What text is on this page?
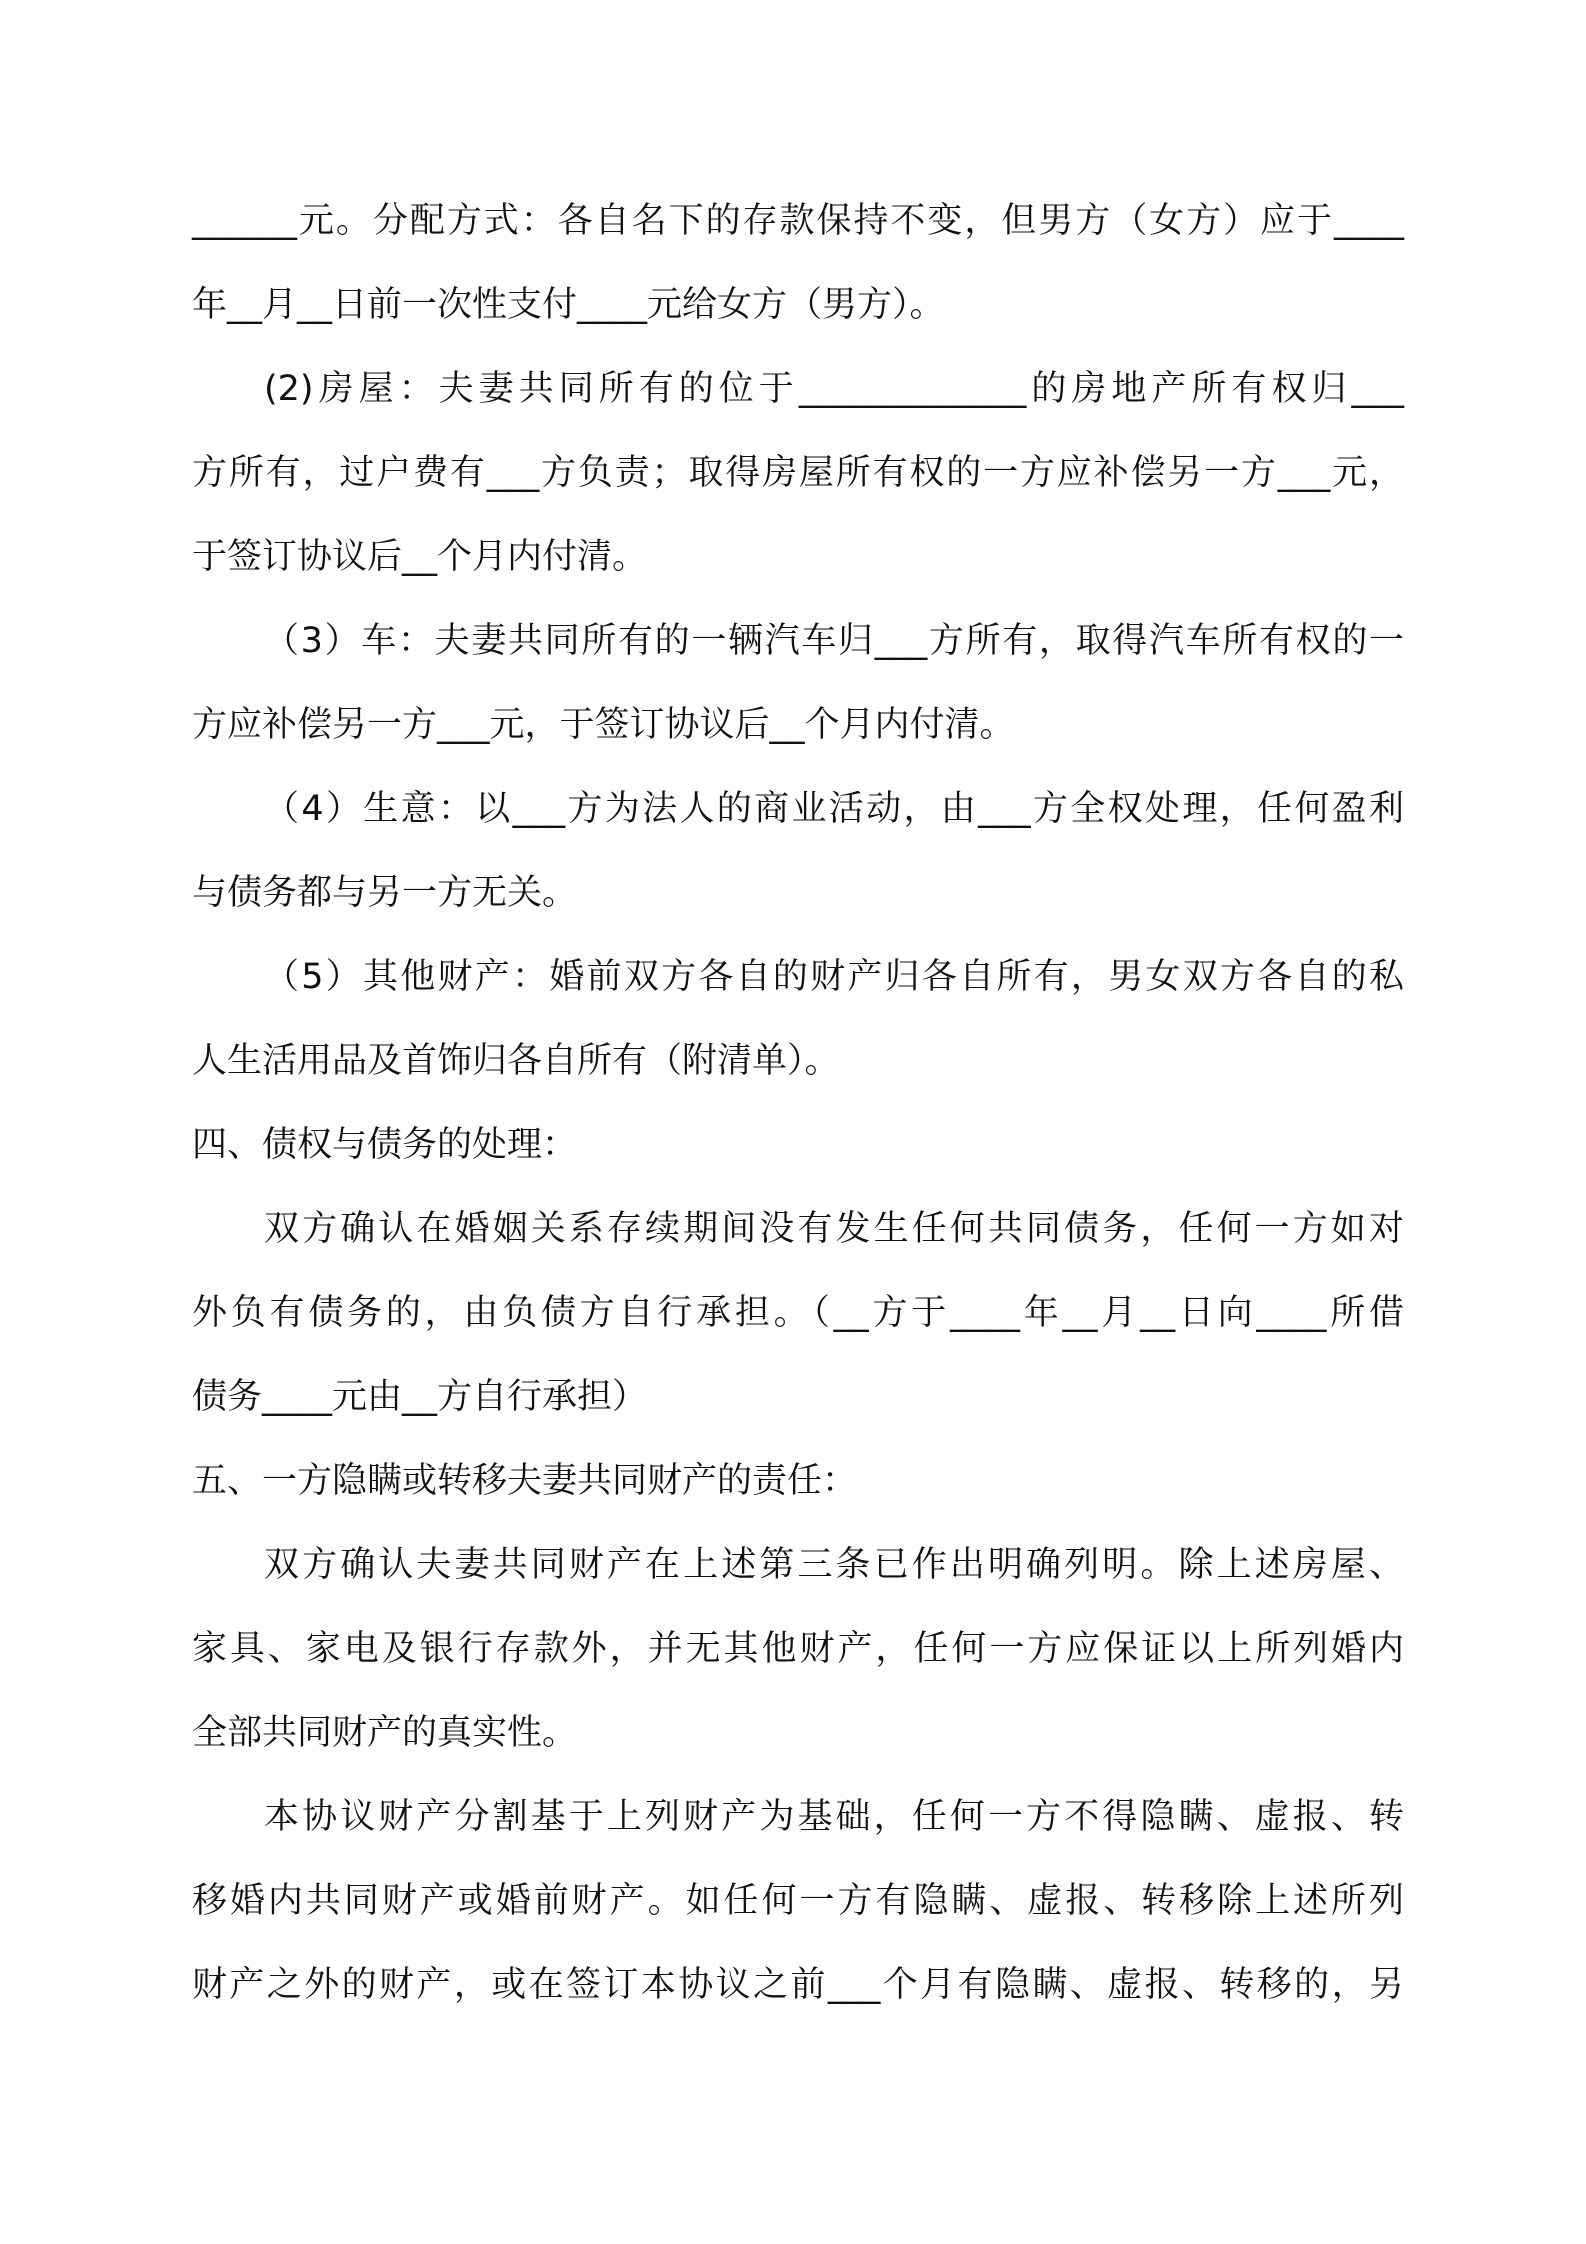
______元。分配方式：各自名下的存款保持不变，但男方（女方）应于____
年__月__日前一次性支付____元给女方（男方）。
(2)房屋：夫妻共同所有的位于_____________的房地产所有权归___
方所有，过户费有___方负责；取得房屋所有权的一方应补偿另一方___元，
于签订协议后__个月内付清。
（3）车：夫妻共同所有的一辆汽车归___方所有，取得汽车所有权的一
方应补偿另一方___元，于签订协议后__个月内付清。
（4）生意：以___方为法人的商业活动，由___方全权处理，任何盈利
与债务都与另一方无关。
（5）其他财产：婚前双方各自的财产归各自所有，男女双方各自的私
人生活用品及首饰归各自所有（附清单）。
四、债权与债务的处理：
双方确认在婚姻关系存续期间没有发生任何共同债务，任何一方如对
外负有债务的，由负债方自行承担。（__方于____年__月__日向____所借
债务____元由__方自行承担）
五、一方隐瞒或转移夫妻共同财产的责任：
双方确认夫妻共同财产在上述第三条已作出明确列明。除上述房屋、
家具、家电及银行存款外，并无其他财产，任何一方应保证以上所列婚内
全部共同财产的真实性。
本协议财产分割基于上列财产为基础，任何一方不得隐瞒、虚报、转
移婚内共同财产或婚前财产。如任何一方有隐瞒、虚报、转移除上述所列
财产之外的财产，或在签订本协议之前___个月有隐瞒、虚报、转移的，另
